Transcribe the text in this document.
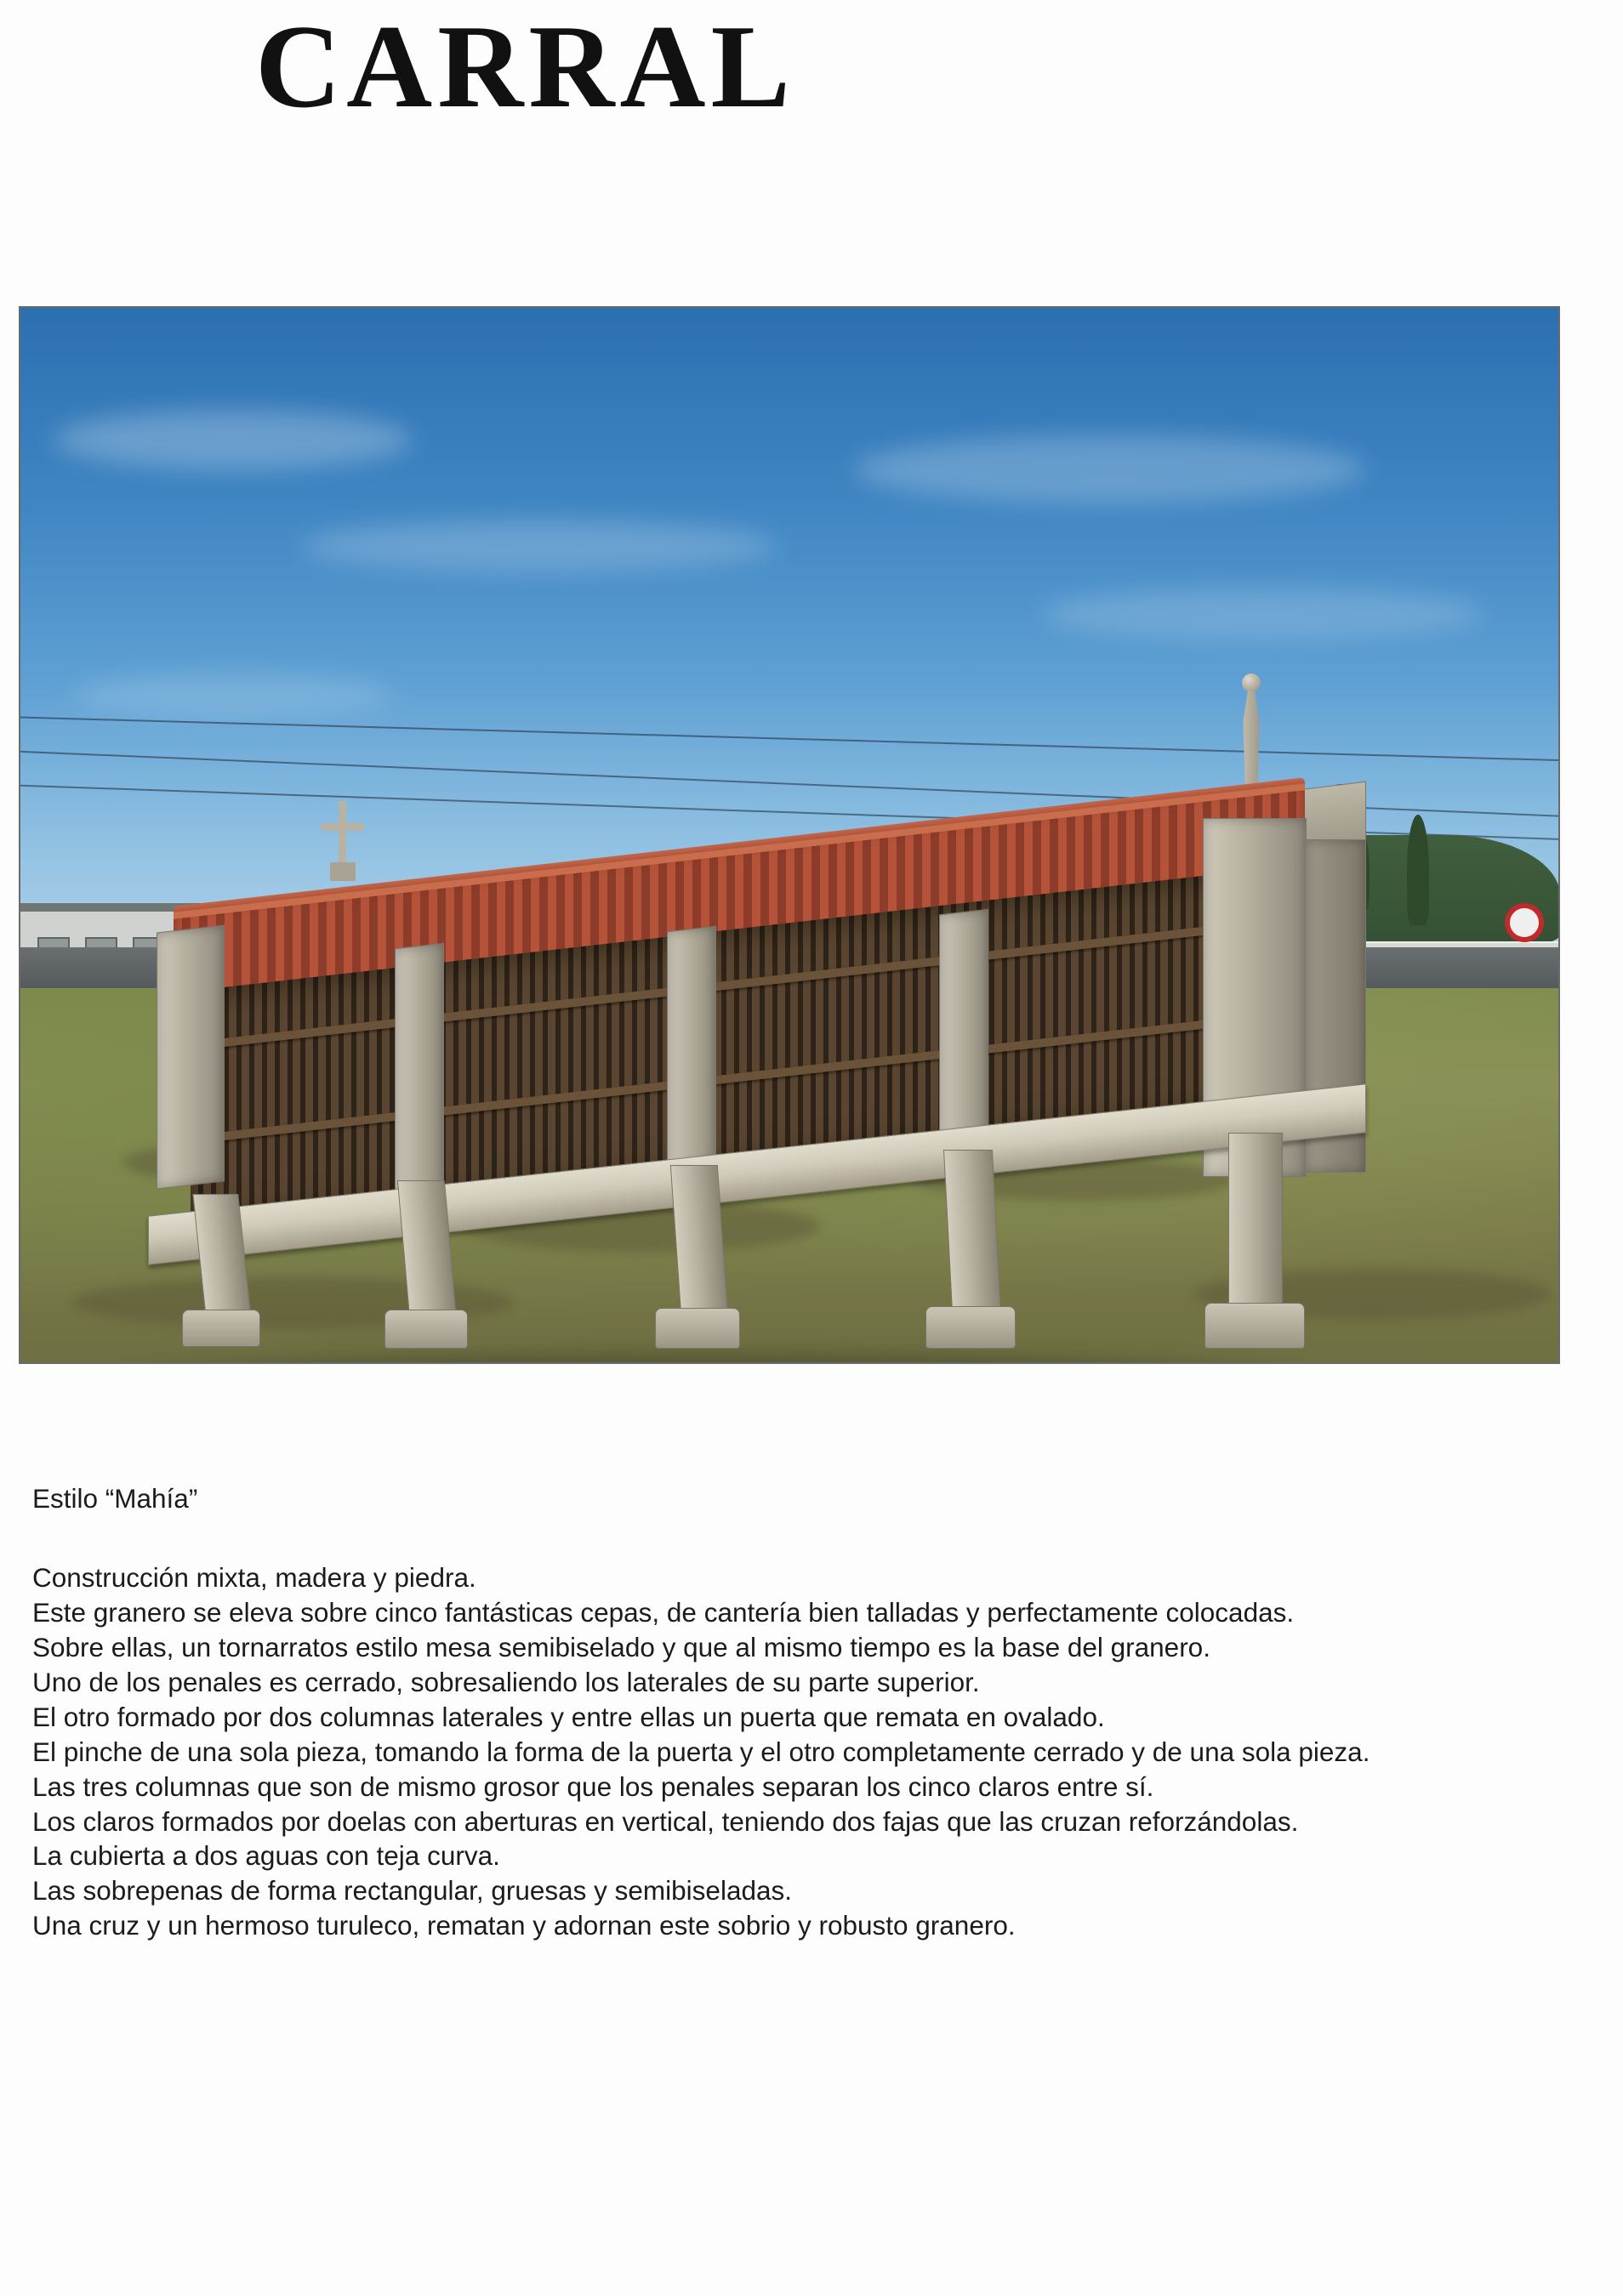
CARRAL

Estilo “Mahía”

Construcción mixta, madera y piedra.

Este granero se eleva sobre cinco fantásticas cepas, de cantería bien talladas y perfectamente colocadas.

Sobre ellas, un tornarratos estilo mesa semibiselado y que al mismo tiempo es la base del granero.

Uno de los penales es cerrado, sobresaliendo los laterales de su parte superior.

El otro formado por dos columnas laterales y entre ellas un puerta que remata en ovalado.

El pinche de una sola pieza, tomando la forma de la puerta y el otro completamente cerrado y de una sola pieza.

Las tres columnas que son de mismo grosor que los penales separan los cinco claros entre sí.

Los claros formados por doelas con aberturas en vertical, teniendo dos fajas que las cruzan reforzándolas.

La cubierta a dos aguas con teja curva.

Las sobrepenas de forma rectangular, gruesas y semibiseladas.

Una cruz y un hermoso turuleco, rematan y adornan este sobrio y robusto granero.
